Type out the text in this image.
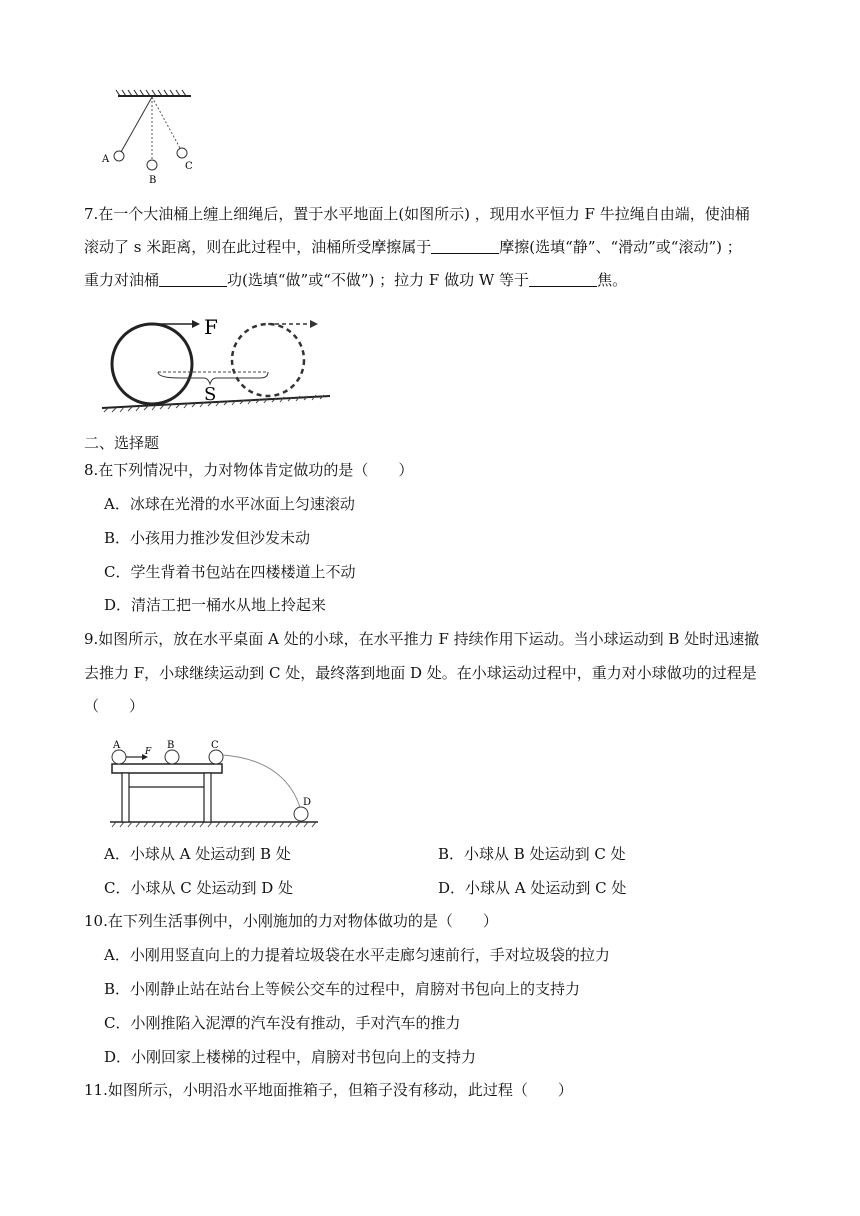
A
B
C
7.在一个大油桶上缠上细绳后，置于水平地面上(如图所示) ，现用水平恒力 F 牛拉绳自由端，使油桶
滚动了 s 米距离，则在此过程中，油桶所受摩擦属于	摩擦(选填“静”、“滑动”或“滚动”) ；
重力对油桶	功(选填“做”或“不做”) ；拉力 F 做功 W 等于	焦。
F
S
二、选择题
8.在下列情况中，力对物体肯定做功的是（　　）
A．冰球在光滑的水平冰面上匀速滚动
B．小孩用力推沙发但沙发未动
C．学生背着书包站在四楼楼道上不动
D．清洁工把一桶水从地上拎起来
9.如图所示，放在水平桌面 A 处的小球，在水平推力 F 持续作用下运动。当小球运动到 B 处时迅速撤
去推力 F，小球继续运动到 C 处，最终落到地面 D 处。在小球运动过程中，重力对小球做功的过程是
（　　）
A
F
B	C
D
A．小球从 A 处运动到 B 处	B．小球从 B 处运动到 C 处
C．小球从 C 处运动到 D 处	D．小球从 A 处运动到 C 处
10.在下列生活事例中，小刚施加的力对物体做功的是（　　）
A．小刚用竖直向上的力提着垃圾袋在水平走廊匀速前行，手对垃圾袋的拉力
B．小刚静止站在站台上等候公交车的过程中，肩膀对书包向上的支持力
C．小刚推陷入泥潭的汽车没有推动，手对汽车的推力
D．小刚回家上楼梯的过程中，肩膀对书包向上的支持力
11.如图所示，小明沿水平地面推箱子，但箱子没有移动，此过程（　　）
